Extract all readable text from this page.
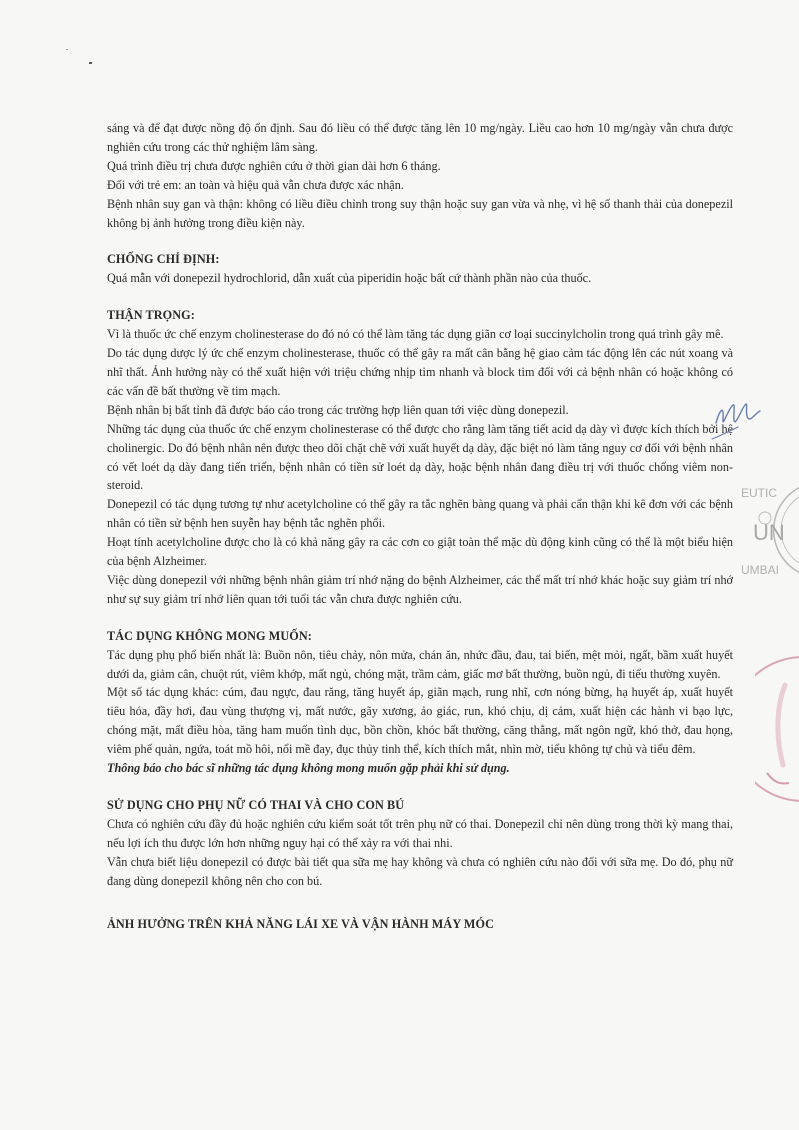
sáng và để đạt được nồng độ ổn định. Sau đó liều có thể được tăng lên 10 mg/ngày. Liều cao hơn 10 mg/ngày vẫn chưa được nghiên cứu trong các thử nghiệm lâm sàng.

Quá trình điều trị chưa được nghiên cứu ở thời gian dài hơn 6 tháng.

Đối với trẻ em: an toàn và hiệu quả vẫn chưa được xác nhận.

Bệnh nhân suy gan và thận: không có liều điều chỉnh trong suy thận hoặc suy gan vừa và nhẹ, vì hệ số thanh thải của donepezil không bị ảnh hưởng trong điều kiện này.

CHỐNG CHỈ ĐỊNH:

Quá mẫn với donepezil hydrochlorid, dẫn xuất của piperidin hoặc bất cứ thành phần nào của thuốc.

THẬN TRỌNG:

Vì là thuốc ức chế enzym cholinesterase do đó nó có thể làm tăng tác dụng giãn cơ loại succinylcholin trong quá trình gây mê.

Do tác dụng dược lý ức chế enzym cholinesterase, thuốc có thể gây ra mất cân bằng hệ giao cảm tác động lên các nút xoang và nhĩ thất. Ảnh hưởng này có thể xuất hiện với triệu chứng nhịp tim nhanh và block tim đối với cả bệnh nhân có hoặc không có các vấn đề bất thường về tim mạch.

Bệnh nhân bị bất tỉnh đã được báo cáo trong các trường hợp liên quan tới việc dùng donepezil.

Những tác dụng của thuốc ức chế enzym cholinesterase có thể được cho rằng làm tăng tiết acid dạ dày vì được kích thích bởi hệ cholinergic. Do đó bệnh nhân nên được theo dõi chặt chẽ với xuất huyết dạ dày, đặc biệt nó làm tăng nguy cơ đối với bệnh nhân có vết loét dạ dày đang tiến triển, bệnh nhân có tiền sử loét dạ dày, hoặc bệnh nhân đang điều trị với thuốc chống viêm non-steroid.

Donepezil có tác dụng tương tự như acetylcholine có thể gây ra tắc nghẽn bàng quang và phải cẩn thận khi kê đơn với các bệnh nhân có tiền sử bệnh hen suyễn hay bệnh tắc nghẽn phổi.

Hoạt tính acetylcholine được cho là có khả năng gây ra các cơn co giật toàn thể mặc dù động kinh cũng có thể là một biểu hiện của bệnh Alzheimer.

Việc dùng donepezil với những bệnh nhân giảm trí nhớ nặng do bệnh Alzheimer, các thể mất trí nhớ khác hoặc suy giảm trí nhớ như sự suy giảm trí nhớ liên quan tới tuổi tác vẫn chưa được nghiên cứu.

TÁC DỤNG KHÔNG MONG MUỐN:

Tác dụng phụ phổ biến nhất là: Buồn nôn, tiêu chảy, nôn mửa, chán ăn, nhức đầu, đau, tai biến, mệt mỏi, ngất, bầm xuất huyết dưới da, giảm cân, chuột rút, viêm khớp, mất ngủ, chóng mặt, trầm cảm, giấc mơ bất thường, buồn ngủ, đi tiểu thường xuyên.

Một số tác dụng khác: cúm, đau ngực, đau răng, tăng huyết áp, giãn mạch, rung nhĩ, cơn nóng bừng, hạ huyết áp, xuất huyết tiêu hóa, đầy hơi, đau vùng thượng vị, mất nước, gãy xương, ảo giác, run, khó chịu, dị cảm, xuất hiện các hành vi bạo lực, chóng mặt, mất điều hòa, tăng ham muốn tình dục, bồn chồn, khóc bất thường, căng thẳng, mất ngôn ngữ, khó thở, đau họng, viêm phế quản, ngứa, toát mồ hôi, nổi mề đay, đục thủy tinh thể, kích thích mắt, nhìn mờ, tiểu không tự chủ và tiểu đêm.

Thông báo cho bác sĩ những tác dụng không mong muốn gặp phải khi sử dụng.

SỬ DỤNG CHO PHỤ NỮ CÓ THAI VÀ CHO CON BÚ

Chưa có nghiên cứu đầy đủ hoặc nghiên cứu kiểm soát tốt trên phụ nữ có thai. Donepezil chỉ nên dùng trong thời kỳ mang thai, nếu lợi ích thu được lớn hơn những nguy hại có thể xảy ra với thai nhi.

Vẫn chưa biết liệu donepezil có được bài tiết qua sữa mẹ hay không và chưa có nghiên cứu nào đối với sữa mẹ. Do đó, phụ nữ đang dùng donepezil không nên cho con bú.

ẢNH HƯỞNG TRÊN KHẢ NĂNG LÁI XE VÀ VẬN HÀNH MÁY MÓC

EUTIC
UN
UMBAI
